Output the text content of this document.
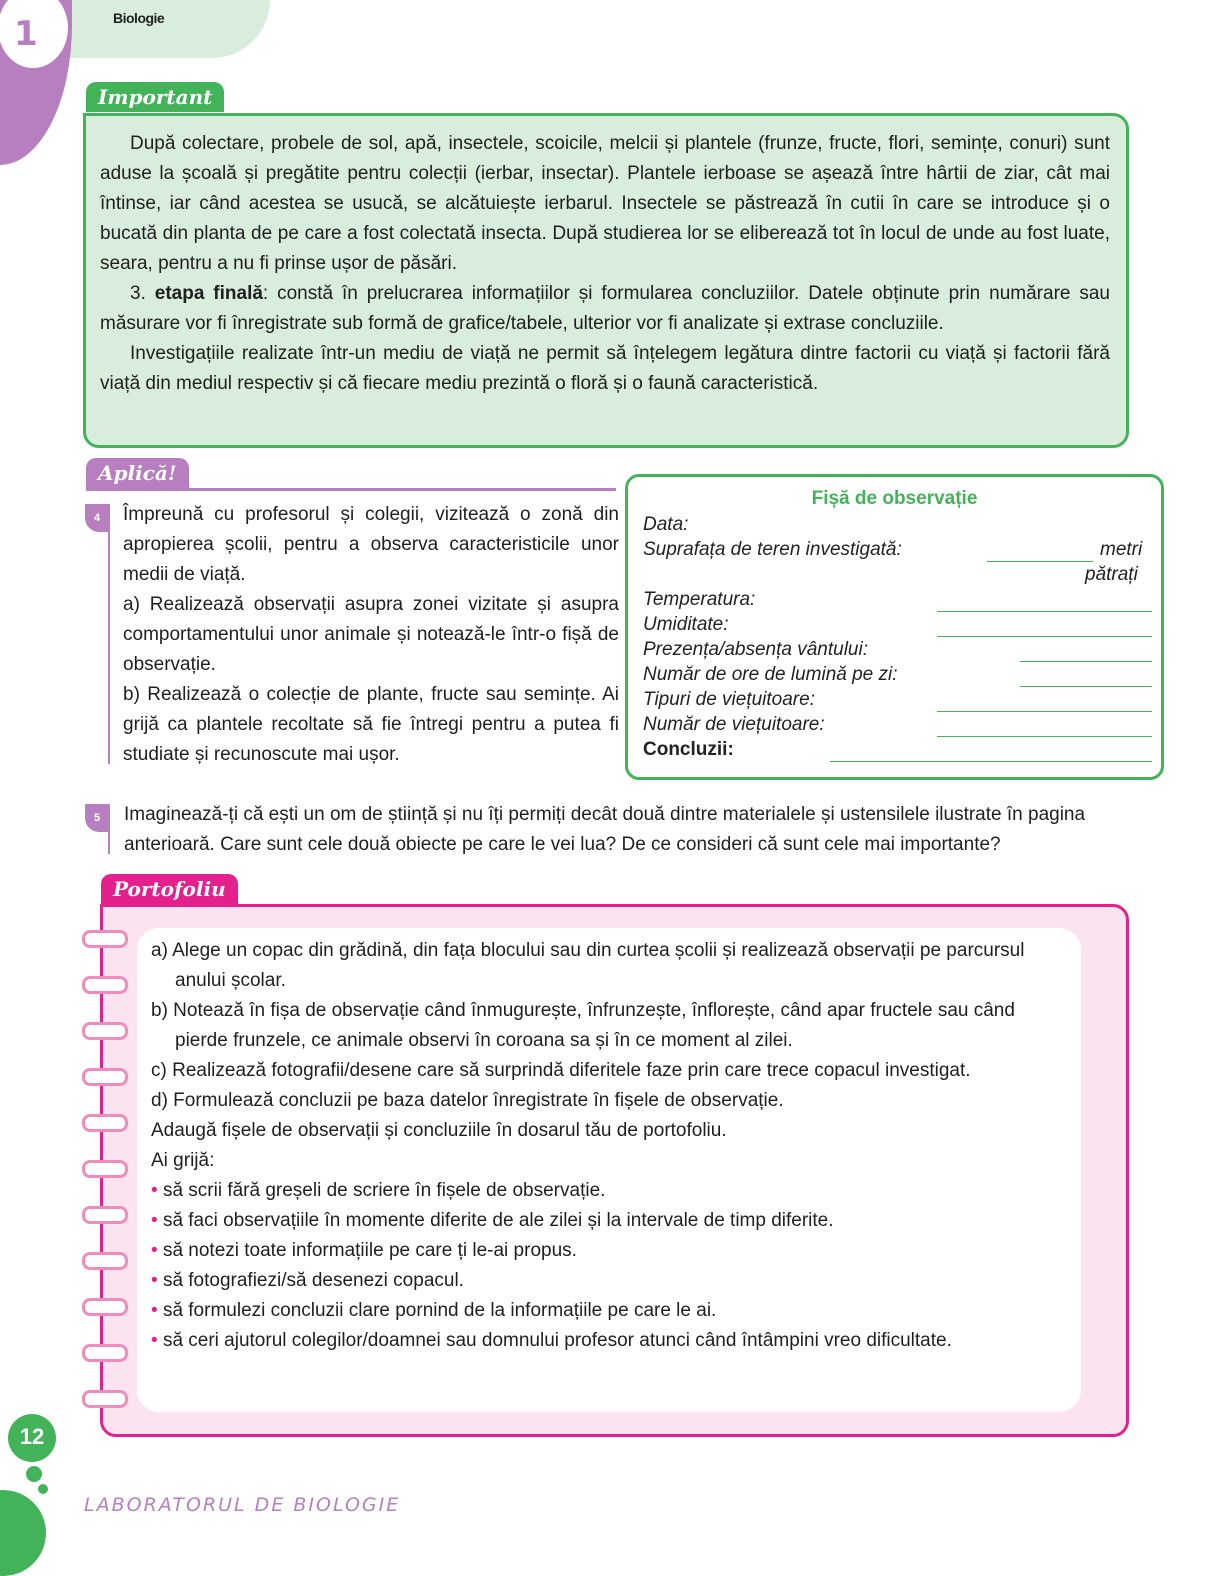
1	Biologie
Important

După colectare, probele de sol, apă, insectele, scoicile, melcii și plantele (frunze, fructe, flori, semințe, conuri) sunt aduse la școală și pregătite pentru colecții (ierbar, insectar). Plantele ierboase se așează între hârtii de ziar, cât mai întinse, iar când acestea se usucă, se alcătuiește ierbarul. Insectele se păstrează în cutii în care se introduce și o bucată din planta de pe care a fost colectată insecta. După studierea lor se eliberează tot în locul de unde au fost luate, seara, pentru a nu fi prinse ușor de păsări.

3. etapa finală: constă în prelucrarea informațiilor și formularea concluziilor. Datele obținute prin numărare sau măsurare vor fi înregistrate sub formă de grafice/tabele, ulterior vor fi analizate și extrase concluziile.

Investigațiile realizate într-un mediu de viață ne permit să înțelegem legătura dintre factorii cu viață și factorii fără viață din mediul respectiv și că fiecare mediu prezintă o floră și o faună caracteristică.

Aplică!
4	Împreună cu profesorul și colegii, vizitează o zonă din apropierea școlii, pentru a observa caracteristicile unor medii de viață.

a) Realizează observații asupra zonei vizitate și asupra comportamentului unor animale și notează-le într-o fișă de observație.

b) Realizează o colecție de plante, fructe sau semințe. Ai grijă ca plantele recoltate să fie întregi pentru a putea fi studiate și recunoscute mai ușor.

Fișă de observație
Data:
Suprafața de teren investigată:	metri
pătrați
Temperatura:
Umiditate:
Prezența/absența vântului:
Număr de ore de lumină pe zi:
Tipuri de viețuitoare:
Număr de viețuitoare:
Concluzii:
5	Imaginează-ți că ești un om de știință și nu îți permiți decât două dintre materialele și ustensilele ilustrate în pagina anterioară. Care sunt cele două obiecte pe care le vei lua? De ce consideri că sunt cele mai importante?
Portofoliu

a) Alege un copac din grădină, din fața blocului sau din curtea școlii și realizează observații pe parcursul anului școlar.

b) Notează în fișa de observație când înmugurește, înfrunzește, înflorește, când apar fructele sau când pierde frunzele, ce animale observi în coroana sa și în ce moment al zilei.

c) Realizează fotografii/desene care să surprindă diferitele faze prin care trece copacul investigat.

d) Formulează concluzii pe baza datelor înregistrate în fișele de observație.

Adaugă fișele de observații și concluziile în dosarul tău de portofoliu.

Ai grijă:

• să scrii fără greșeli de scriere în fișele de observație.

• să faci observațiile în momente diferite de ale zilei și la intervale de timp diferite.

• să notezi toate informațiile pe care ți le-ai propus.

• să fotografiezi/să desenezi copacul.

• să formulezi concluzii clare pornind de la informațiile pe care le ai.

• să ceri ajutorul colegilor/doamnei sau domnului profesor atunci când întâmpini vreo dificultate.

12
LABORATORUL DE BIOLOGIE
